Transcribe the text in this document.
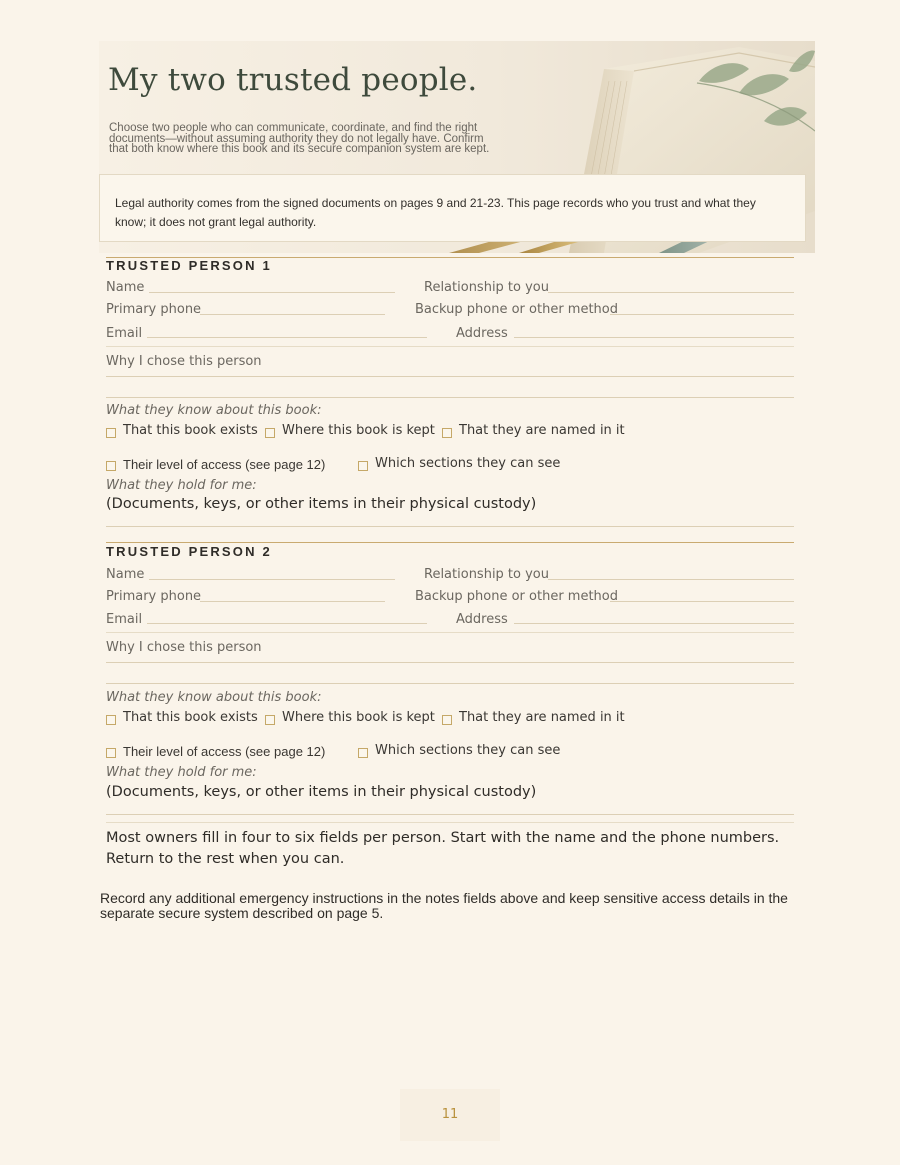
My two trusted people.
Choose two people who can communicate, coordinate, and find the right documents—without assuming authority they do not legally have. Confirm that both know where this book and its secure companion system are kept.
Legal authority comes from the signed documents on pages 9 and 21-23. This page records who you trust and what they know; it does not grant legal authority.
TRUSTED PERSON 1
Name	Relationship to you
Primary phone	Backup phone or other method
Email	Address
Why I chose this person
What they know about this book:
That this book exists Where this book is kept That they are named in it
Their level of access (see page 12)	Which sections they can see
What they hold for me:
(Documents, keys, or other items in their physical custody)
TRUSTED PERSON 2
Name	Relationship to you
Primary phone	Backup phone or other method
Email	Address
Why I chose this person
What they know about this book:
That this book exists Where this book is kept That they are named in it
Their level of access (see page 12)	Which sections they can see
What they hold for me:
(Documents, keys, or other items in their physical custody)
Most owners fill in four to six fields per person. Start with the name and the phone numbers. Return to the rest when you can.
Record any additional emergency instructions in the notes fields above and keep sensitive access details in the separate secure system described on page 5.
11
